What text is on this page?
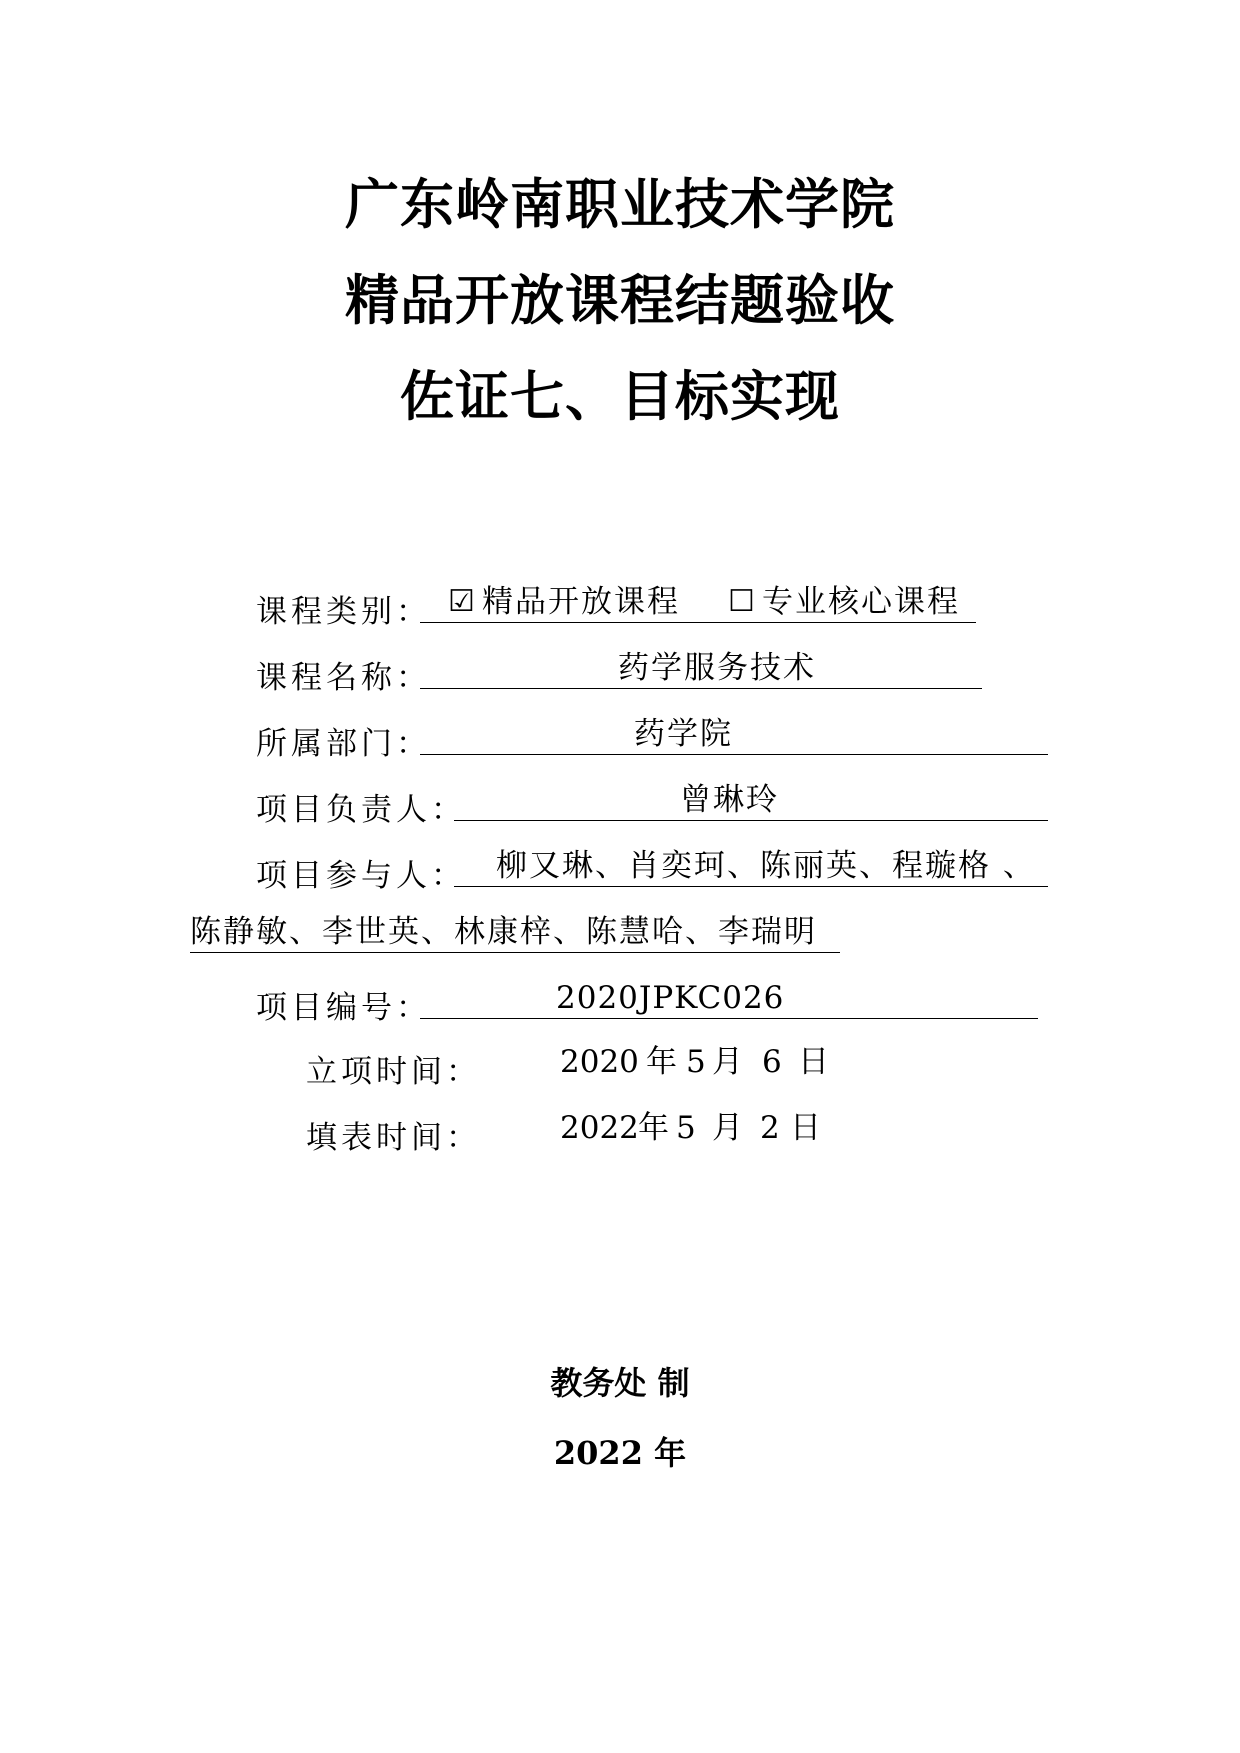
广东岭南职业技术学院
精品开放课程结题验收
佐证七、目标实现
课程类别： ☑ 精品开放课程 ☐ 专业核心课程
课程名称：	药学服务技术
所属部门：	药学院
项目负责人：	曾琳玲
项目参与人： 柳又琳、肖奕珂、陈丽英、程璇格 、
陈静敏、李世英、林康梓、陈慧哈、李瑞明
项目编号：	2020JPKC026
立项时间：	2020 年 5 月 6 日
填表时间：	2022 年 5 月 2 日
教务处 制
2022 年
